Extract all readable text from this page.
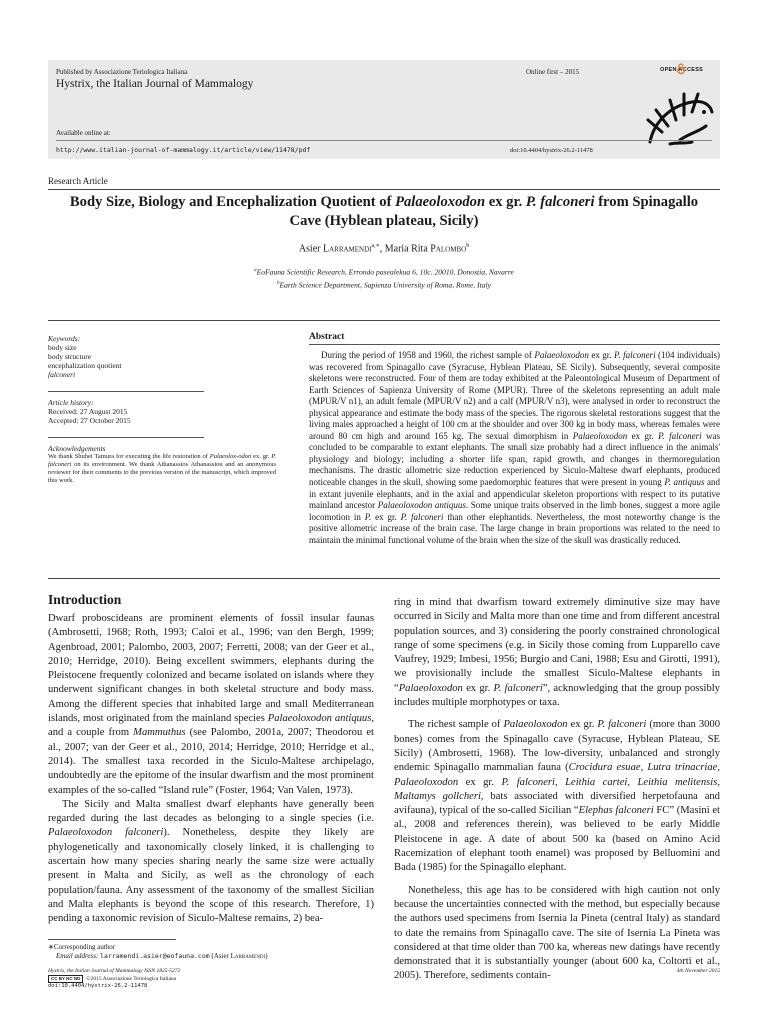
Published by Associazione Teriologica Italiana
Hystrix, the Italian Journal of Mammalogy
Online first – 2015	OPEN ACCESS
Available online at:
http://www.italian-journal-of-mammalogy.it/article/view/11478/pdf	doi:10.4404/hystrix-26.2-11478
Research Article
Body Size, Biology and Encephalization Quotient of Palaeoloxodon ex gr. P. falconeri from Spinagallo
Cave (Hyblean plateau, Sicily)
Asier Larramendi$^{a,∗}$, Maria Rita Palombo$^b$
$^a$EoFauna Scientific Research, Errondo pasealekua 6, 10c. 20010, Donostia, Navarre
$^b$Earth Science Department, Sapienza University of Roma, Rome, Italy
Keywords:
body size
body structure
encephalization quotient
falconeri
Article history:
Received: 27 August 2015
Accepted: 27 October 2015
Acknowledgements
We thank Shuhei Tamura for executing the life restoration of Palaeolox-odon ex. gr. P. falconeri on its environment. We thank Athanassios Athanassiou and an anonymous reviewer for their comments to the previous version of the manuscript, which improved this work.
Abstract
During the period of 1958 and 1960, the richest sample of Palaeoloxodon ex gr. P. falconeri (104 individuals) was recovered from Spinagallo cave (Syracuse, Hyblean Plateau, SE Sicily). Subsequently, several composite skeletons were reconstructed. Four of them are today exhibited at the Paleontological Museum of Department of Earth Sciences of Sapienza University of Rome (MPUR). Three of the skeletons representing an adult male (MPUR/V n1), an adult female (MPUR/V n2) and a calf (MPUR/V n3), were analysed in order to reconstruct the physical appearance and estimate the body mass of the species. The rigorous skeletal restorations suggest that the living males approached a height of 100 cm at the shoulder and over 300 kg in body mass, whereas females were around 80 cm high and around 165 kg. The sexual dimorphism in Palaeoloxodon ex gr. P. falconeri was concluded to be comparable to extant elephants. The small size probably had a direct influence in the animals' physiology and biology; including a shorter life span, rapid growth, and changes in thermoregulation mechanisms. The drastic allometric size reduction experienced by Siculo-Maltese dwarf elephants, produced noticeable changes in the skull, showing some paedomorphic features that were present in young P. antiquus and in extant juvenile elephants, and in the axial and appendicular skeleton proportions with respect to its putative mainland ancestor Palaeoloxodon antiquus. Some unique traits observed in the limb bones, suggest a more agile locomotion in P. ex gr. P. falconeri than other elephantids. Nevertheless, the most noteworthy change is the positive allometric increase of the brain case. The large change in brain proportions was related to the need to maintain the minimal functional volume of the brain when the size of the skull was drastically reduced.
Introduction

Dwarf proboscideans are prominent elements of fossil insular faunas (Ambrosetti, 1968; Roth, 1993; Caloi et al., 1996; van den Bergh, 1999; Agenbroad, 2001; Palombo, 2003, 2007; Ferretti, 2008; van der Geer et al., 2010; Herridge, 2010). Being excellent swimmers, elephants during the Pleistocene frequently colonized and became isolated on islands where they underwent significant changes in both skeletal structure and body mass. Among the different species that inhabited large and small Mediterranean islands, most originated from the mainland species Palaeoloxodon antiquus, and a couple from Mammuthus (see Palombo, 2001a, 2007; Theodorou et al., 2007; van der Geer et al., 2010, 2014; Herridge, 2010; Herridge et al., 2014). The smallest taxa recorded in the Siculo-Maltese archipelago, undoubtedly are the epitome of the insular dwarfism and the most prominent examples of the so-called “Island rule” (Foster, 1964; Van Valen, 1973).

The Sicily and Malta smallest dwarf elephants have generally been regarded during the last decades as belonging to a single species (i.e. Palaeoloxodon falconeri). Nonetheless, despite they likely are phylogenetically and taxonomically closely linked, it is challenging to ascertain how many species sharing nearly the same size were actually present in Malta and Sicily, as well as the chronology of each population/fauna. Any assessment of the taxonomy of the smallest Sicilian and Malta elephants is beyond the scope of this research. Therefore, 1) pending a taxonomic revision of Siculo-Maltese remains, 2) bea-

ring in mind that dwarfism toward extremely diminutive size may have occurred in Sicily and Malta more than one time and from different ancestral population sources, and 3) considering the poorly constrained chronological range of some specimens (e.g. in Sicily those coming from Lupparello cave Vaufrey, 1929; Imbesi, 1956; Burgio and Cani, 1988; Esu and Girotti, 1991), we provisionally include the smallest Siculo-Maltese elephants in “Palaeoloxodon ex gr. P. falconeri”, acknowledging that the group possibly includes multiple morphotypes or taxa.

The richest sample of Palaeoloxodon ex gr. P. falconeri (more than 3000 bones) comes from the Spinagallo cave (Syracuse, Hyblean Plateau, SE Sicily) (Ambrosetti, 1968). The low-diversity, unbalanced and strongly endemic Spinagallo mammalian fauna (Crocidura esuae, Lutra trinacriae, Palaeoloxodon ex gr. P. falconeri, Leithia cartei, Leithia melitensis, Maltamys gollcheri, bats associated with diversified herpetofauna and avifauna), typical of the so-called Sicilian “Elephas falconeri FC” (Masini et al., 2008 and references therein), was believed to be early Middle Pleistocene in age. A date of about 500 ka (based on Amino Acid Racemization of elephant tooth enamel) was proposed by Belluomini and Bada (1985) for the Spinagallo elephant.

Nonetheless, this age has to be considered with high caution not only because the uncertainties connected with the method, but especially because the authors used specimens from Isernia la Pineta (central Italy) as standard to date the remains from Spinagallo cave. The site of Isernia La Pineta was considered at that time older than 700 ka, whereas new datings have recently demonstrated that it is substantially younger (about 600 ka, Coltorti et al., 2005). Therefore, sediments contain-

∗Corresponding author
Email address: larramendi.asier@eofauna.com (Asier Larramendi)
Hystrix, the Italian Journal of Mammalogy ISSN 1825-5272
CC BY NC ND	©2015 Associazione Teriologica Italiana
doi:10.4404/hystrix-26.2-11478
4th November 2015
